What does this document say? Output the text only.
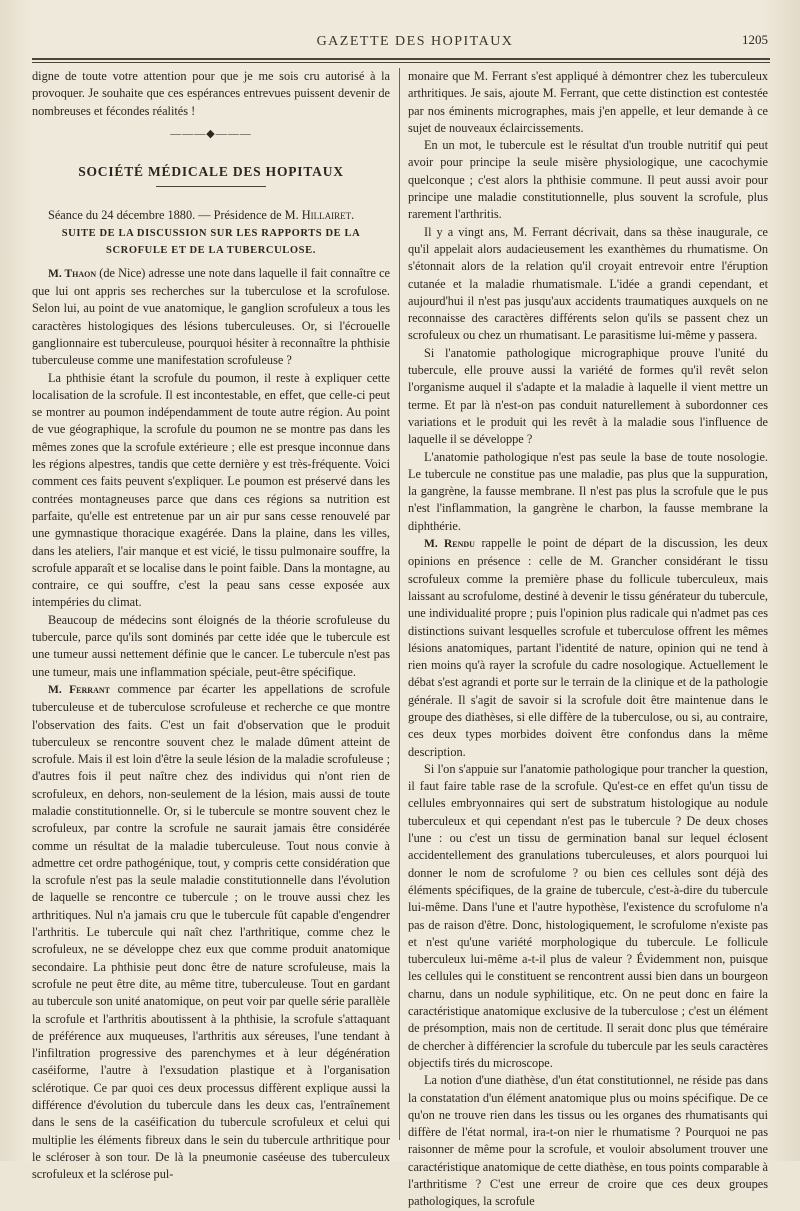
GAZETTE DES HOPITAUX	1205

digne de toute votre attention pour que je me sois cru autorisé à la provoquer. Je souhaite que ces espérances entrevues puissent devenir de nombreuses et fécondes réalités !

———◆———
SOCIÉTÉ MÉDICALE DES HOPITAUX

Séance du 24 décembre 1880. — Présidence de M. Hillairet.

SUITE DE LA DISCUSSION SUR LES RAPPORTS DE LA SCROFULE ET DE LA TUBERCULOSE.

M. Thaon (de Nice) adresse une note dans laquelle il fait connaître ce que lui ont appris ses recherches sur la tuberculose et la scrofulose. Selon lui, au point de vue anatomique, le ganglion scrofuleux a tous les caractères histologiques des lésions tuberculeuses. Or, si l'écrouelle ganglionnaire est tuberculeuse, pourquoi hésiter à reconnaître la phthisie tuberculeuse comme une manifestation scrofuleuse ?

La phthisie étant la scrofule du poumon, il reste à expliquer cette localisation de la scrofule. Il est incontestable, en effet, que celle-ci peut se montrer au poumon indépendamment de toute autre région. Au point de vue géographique, la scrofule du poumon ne se montre pas dans les mêmes zones que la scrofule extérieure ; elle est presque inconnue dans les régions alpestres, tandis que cette dernière y est très-fréquente. Voici comment ces faits peuvent s'expliquer. Le poumon est préservé dans les contrées montagneuses parce que dans ces régions sa nutrition est parfaite, qu'elle est entretenue par un air pur sans cesse renouvelé par une gymnastique thoracique exagérée. Dans la plaine, dans les villes, dans les ateliers, l'air manque et est vicié, le tissu pulmonaire souffre, la scrofule apparaît et se localise dans le point faible. Dans la montagne, au contraire, ce qui souffre, c'est la peau sans cesse exposée aux intempéries du climat.

Beaucoup de médecins sont éloignés de la théorie scrofuleuse du tubercule, parce qu'ils sont dominés par cette idée que le tubercule est une tumeur aussi nettement définie que le cancer. Le tubercule n'est pas une tumeur, mais une inflammation spéciale, peut-être spécifique.

M. Ferrant commence par écarter les appellations de scrofule tuberculeuse et de tuberculose scrofuleuse et recherche ce que montre l'observation des faits. C'est un fait d'observation que le produit tuberculeux se rencontre souvent chez le malade dûment atteint de scrofule. Mais il est loin d'être la seule lésion de la maladie scrofuleuse ; d'autres fois il peut naître chez des individus qui n'ont rien de scrofuleux, en dehors, non-seulement de la lésion, mais aussi de toute maladie constitutionnelle. Or, si le tubercule se montre souvent chez le scrofuleux, par contre la scrofule ne saurait jamais être considérée comme un résultat de la maladie tuberculeuse. Tout nous convie à admettre cet ordre pathogénique, tout, y compris cette considération que la scrofule n'est pas la seule maladie constitutionnelle dans l'évolution de laquelle se rencontre ce tubercule ; on le trouve aussi chez les arthritiques. Nul n'a jamais cru que le tubercule fût capable d'engendrer l'arthritis. Le tubercule qui naît chez l'arthritique, comme chez le scrofuleux, ne se développe chez eux que comme produit anatomique secondaire. La phthisie peut donc être de nature scrofuleuse, mais la scrofule ne peut être dite, au même titre, tuberculeuse. Tout en gardant au tubercule son unité anatomique, on peut voir par quelle série parallèle la scrofule et l'arthritis aboutissent à la phthisie, la scrofule s'attaquant de préférence aux muqueuses, l'arthritis aux séreuses, l'une tendant à l'infiltration progressive des parenchymes et à leur dégénération caséiforme, l'autre à l'exsudation plastique et à l'organisation sclérotique. Ce par quoi ces deux processus diffèrent explique aussi la différence d'évolution du tubercule dans les deux cas, l'entraînement dans le sens de la caséification du tubercule scrofuleux et celui qui multiplie les éléments fibreux dans le sein du tubercule arthritique pour le scléroser à son tour. De là la pneumonie caséeuse des tuberculeux scrofuleux et la sclérose pul-

monaire que M. Ferrant s'est appliqué à démontrer chez les tuberculeux arthritiques. Je sais, ajoute M. Ferrant, que cette distinction est contestée par nos éminents micrographes, mais j'en appelle, et leur demande à ce sujet de nouveaux éclaircissements.

En un mot, le tubercule est le résultat d'un trouble nutritif qui peut avoir pour principe la seule misère physiologique, une cacochymie quelconque ; c'est alors la phthisie commune. Il peut aussi avoir pour principe une maladie constitutionnelle, plus souvent la scrofule, plus rarement l'arthritis.

Il y a vingt ans, M. Ferrant décrivait, dans sa thèse inaugurale, ce qu'il appelait alors audacieusement les exanthèmes du rhumatisme. On s'étonnait alors de la relation qu'il croyait entrevoir entre l'éruption cutanée et la maladie rhumatismale. L'idée a grandi cependant, et aujourd'hui il n'est pas jusqu'aux accidents traumatiques auxquels on ne reconnaisse des caractères différents selon qu'ils se passent chez un scrofuleux ou chez un rhumatisant. Le parasitisme lui-même y passera.

Si l'anatomie pathologique micrographique prouve l'unité du tubercule, elle prouve aussi la variété de formes qu'il revêt selon l'organisme auquel il s'adapte et la maladie à laquelle il vient mettre un terme. Et par là n'est-on pas conduit naturellement à subordonner ces variations et le produit qui les revêt à la maladie sous l'influence de laquelle il se développe ?

L'anatomie pathologique n'est pas seule la base de toute nosologie. Le tubercule ne constitue pas une maladie, pas plus que la suppuration, la gangrène, la fausse membrane. Il n'est pas plus la scrofule que le pus n'est l'inflammation, la gangrène le charbon, la fausse membrane la diphthérie.

M. Rendu rappelle le point de départ de la discussion, les deux opinions en présence : celle de M. Grancher considérant le tissu scrofuleux comme la première phase du follicule tuberculeux, mais laissant au scrofulome, destiné à devenir le tissu générateur du tubercule, une individualité propre ; puis l'opinion plus radicale qui n'admet pas ces distinctions suivant lesquelles scrofule et tuberculose offrent les mêmes lésions anatomiques, partant l'identité de nature, opinion qui ne tend à rien moins qu'à rayer la scrofule du cadre nosologique. Actuellement le débat s'est agrandi et porte sur le terrain de la clinique et de la pathologie générale. Il s'agit de savoir si la scrofule doit être maintenue dans le groupe des diathèses, si elle diffère de la tuberculose, ou si, au contraire, ces deux types morbides doivent être confondus dans la même description.

Si l'on s'appuie sur l'anatomie pathologique pour trancher la question, il faut faire table rase de la scrofule. Qu'est-ce en effet qu'un tissu de cellules embryonnaires qui sert de substratum histologique au nodule tuberculeux et qui cependant n'est pas le tubercule ? De deux choses l'une : ou c'est un tissu de germination banal sur lequel éclosent accidentellement des granulations tuberculeuses, et alors pourquoi lui donner le nom de scrofulome ? ou bien ces cellules sont déjà des éléments spécifiques, de la graine de tubercule, c'est-à-dire du tubercule lui-même. Dans l'une et l'autre hypothèse, l'existence du scrofulome n'a pas de raison d'être. Donc, histologiquement, le scrofulome n'existe pas et n'est qu'une variété morphologique du tubercule. Le follicule tuberculeux lui-même a-t-il plus de valeur ? Évidemment non, puisque les cellules qui le constituent se rencontrent aussi bien dans un bourgeon charnu, dans un nodule syphilitique, etc. On ne peut donc en faire la caractéristique anatomique exclusive de la tuberculose ; c'est un élément de présomption, mais non de certitude. Il serait donc plus que téméraire de chercher à différencier la scrofule du tubercule par les seuls caractères objectifs tirés du microscope.

La notion d'une diathèse, d'un état constitutionnel, ne réside pas dans la constatation d'un élément anatomique plus ou moins spécifique. De ce qu'on ne trouve rien dans les tissus ou les organes des rhumatisants qui diffère de l'état normal, ira-t-on nier le rhumatisme ? Pourquoi ne pas raisonner de même pour la scrofule, et vouloir absolument trouver une caractéristique anatomique de cette diathèse, en tous points comparable à l'arthritisme ? C'est une erreur de croire que ces deux groupes pathologiques, la scrofule
